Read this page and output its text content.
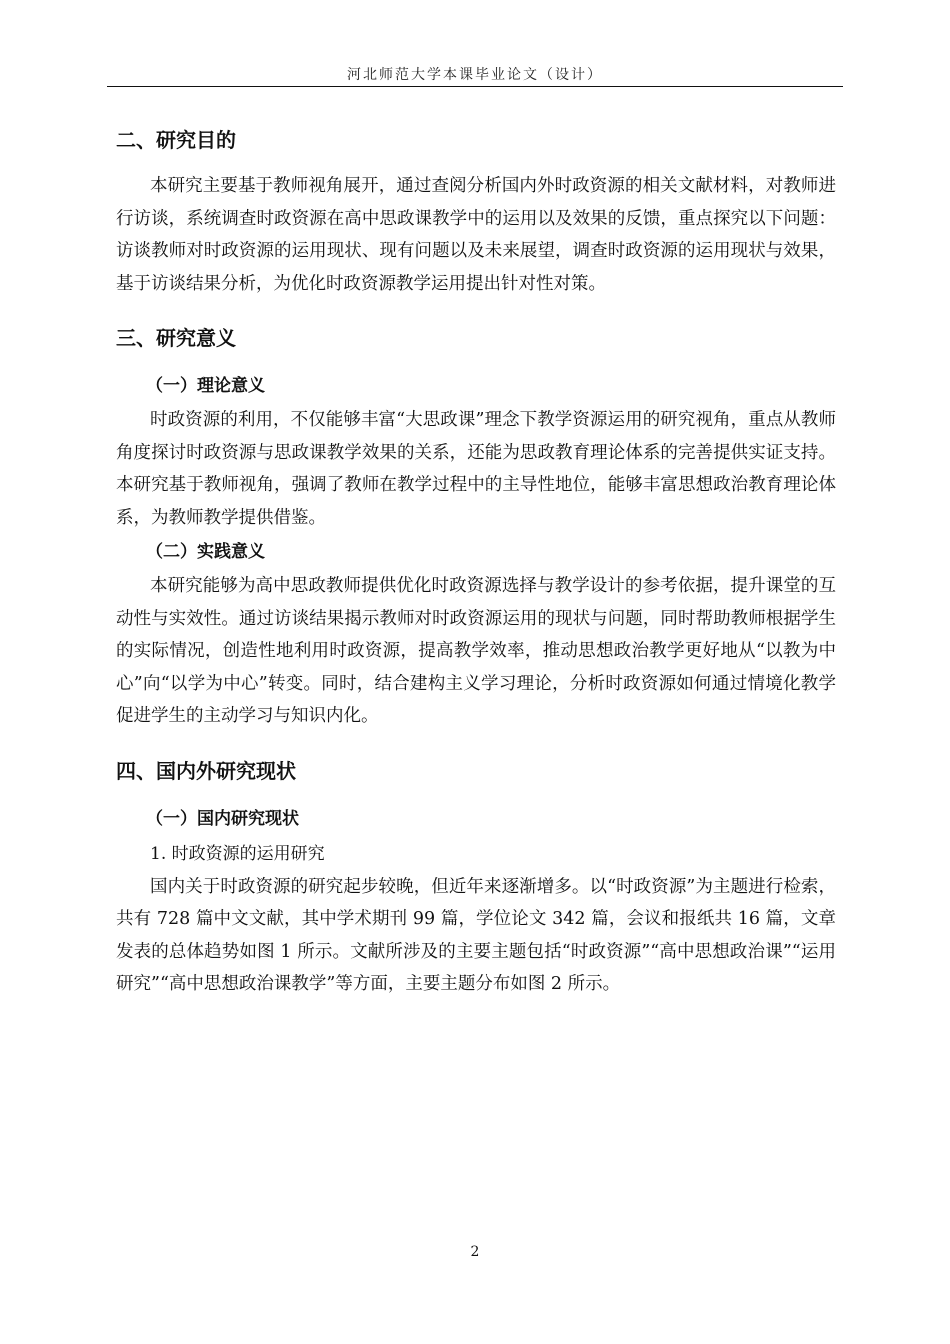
河北师范大学本课毕业论文（设计）
二、研究目的

本研究主要基于教师视角展开，通过查阅分析国内外时政资源的相关文献材料，对教师进行访谈，系统调查时政资源在高中思政课教学中的运用以及效果的反馈，重点探究以下问题：访谈教师对时政资源的运用现状、现有问题以及未来展望，调查时政资源的运用现状与效果，基于访谈结果分析，为优化时政资源教学运用提出针对性对策。

三、研究意义
（一）理论意义

时政资源的利用，不仅能够丰富“大思政课”理念下教学资源运用的研究视角，重点从教师角度探讨时政资源与思政课教学效果的关系，还能为思政教育理论体系的完善提供实证支持。本研究基于教师视角，强调了教师在教学过程中的主导性地位，能够丰富思想政治教育理论体系，为教师教学提供借鉴。

（二）实践意义

本研究能够为高中思政教师提供优化时政资源选择与教学设计的参考依据，提升课堂的互动性与实效性。通过访谈结果揭示教师对时政资源运用的现状与问题，同时帮助教师根据学生的实际情况，创造性地利用时政资源，提高教学效率，推动思想政治教学更好地从“以教为中心”向“以学为中心”转变。同时，结合建构主义学习理论，分析时政资源如何通过情境化教学促进学生的主动学习与知识内化。

四、国内外研究现状
（一）国内研究现状
1. 时政资源的运用研究

国内关于时政资源的研究起步较晚，但近年来逐渐增多。以“时政资源”为主题进行检索，共有 728 篇中文文献，其中学术期刊 99 篇，学位论文 342 篇，会议和报纸共 16 篇，文章发表的总体趋势如图 1 所示。文献所涉及的主要主题包括“时政资源”“高中思想政治课”“运用研究”“高中思想政治课教学”等方面，主要主题分布如图 2 所示。

2
